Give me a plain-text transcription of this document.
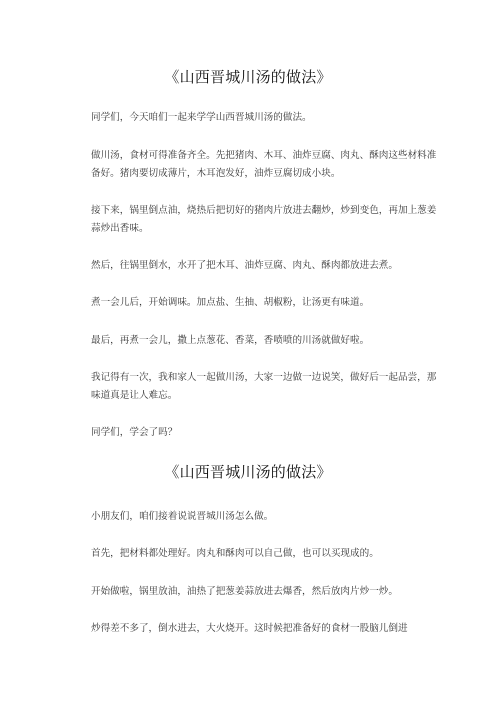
《山西晋城川汤的做法》
同学们，今天咱们一起来学学山西晋城川汤的做法。
做川汤，食材可得准备齐全。先把猪肉、木耳、油炸豆腐、肉丸、酥肉这些材料准备好。猪肉要切成薄片，木耳泡发好，油炸豆腐切成小块。
接下来，锅里倒点油，烧热后把切好的猪肉片放进去翻炒，炒到变色，再加上葱姜蒜炒出香味。
然后，往锅里倒水，水开了把木耳、油炸豆腐、肉丸、酥肉都放进去煮。
煮一会儿后，开始调味。加点盐、生抽、胡椒粉，让汤更有味道。
最后，再煮一会儿，撒上点葱花、香菜，香喷喷的川汤就做好啦。
我记得有一次，我和家人一起做川汤，大家一边做一边说笑，做好后一起品尝，那味道真是让人难忘。
同学们，学会了吗？
《山西晋城川汤的做法》
小朋友们，咱们接着说说晋城川汤怎么做。
首先，把材料都处理好。肉丸和酥肉可以自己做，也可以买现成的。
开始做啦，锅里放油，油热了把葱姜蒜放进去爆香，然后放肉片炒一炒。
炒得差不多了，倒水进去，大火烧开。这时候把准备好的食材一股脑儿倒进
